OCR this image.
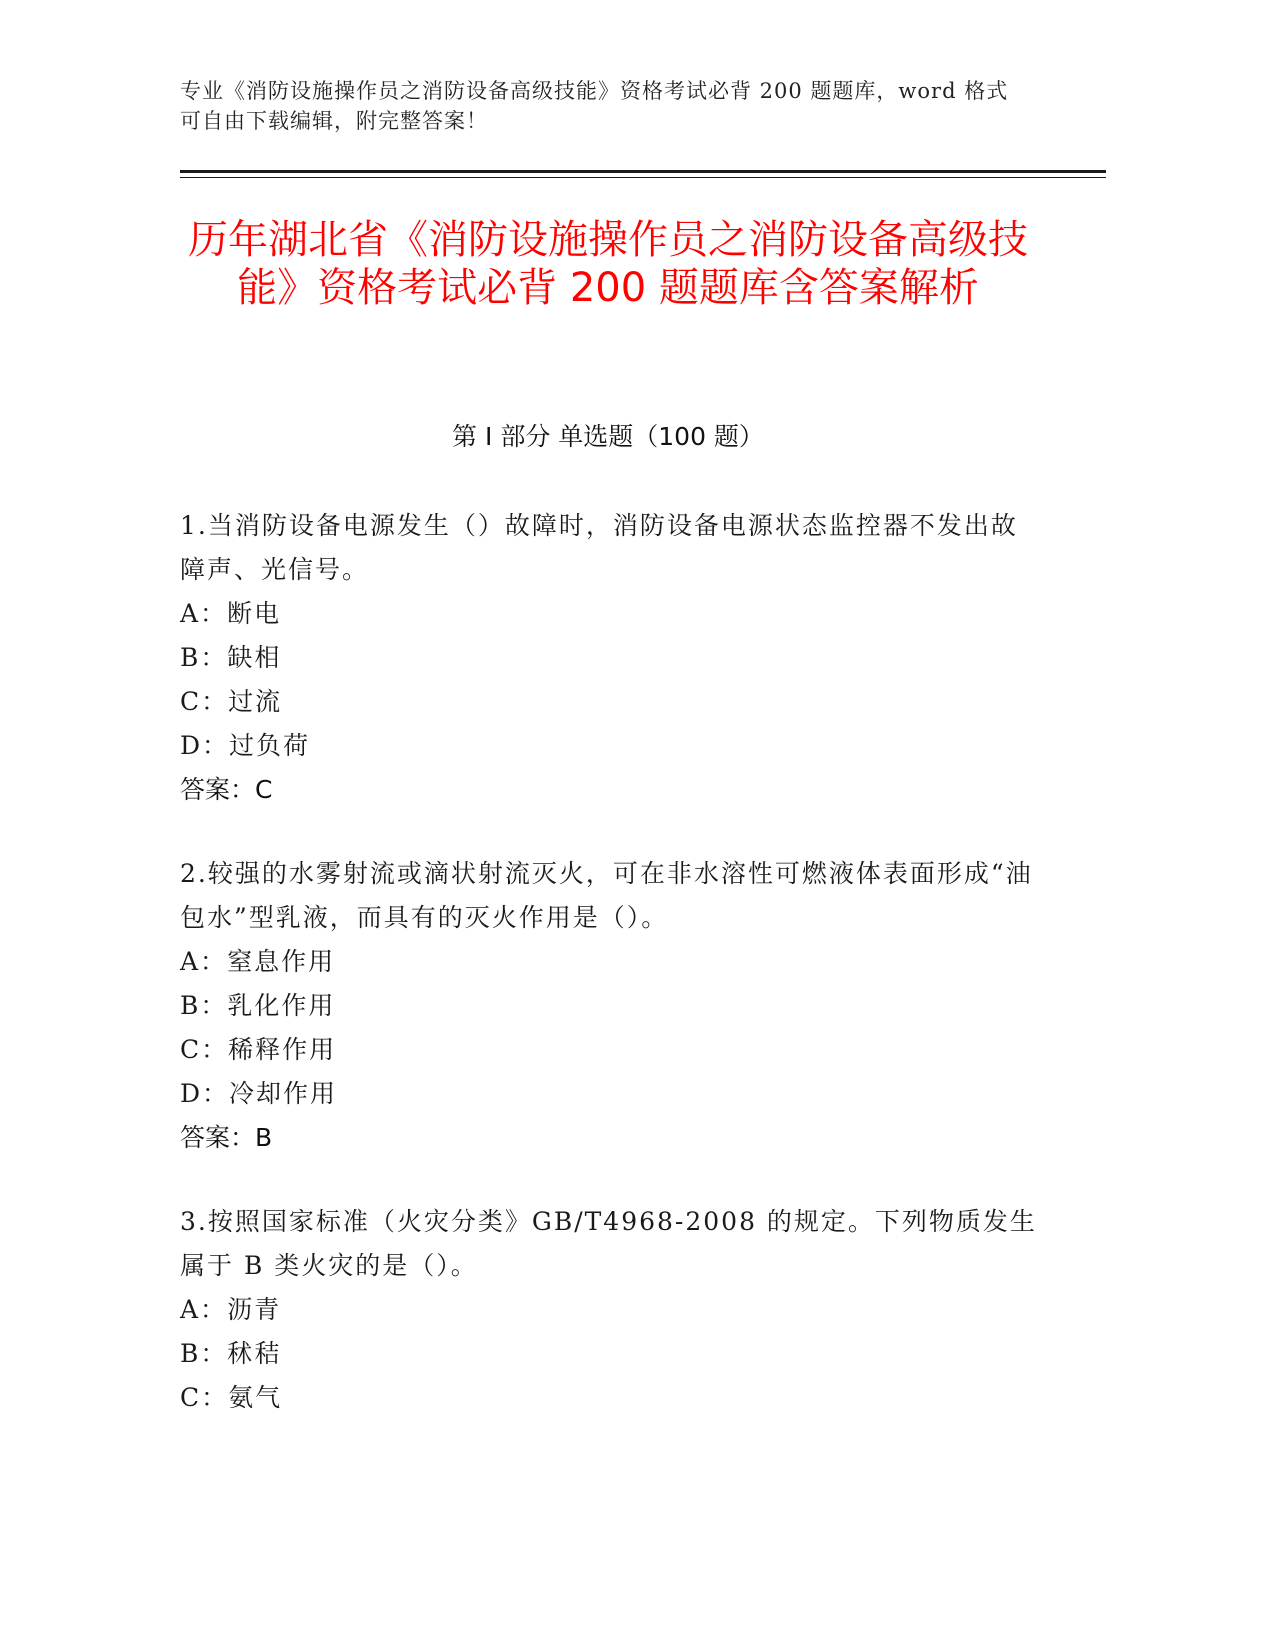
专业《消防设施操作员之消防设备高级技能》资格考试必背 200 题题库，word 格式可自由下载编辑，附完整答案！
历年湖北省《消防设施操作员之消防设备高级技能》资格考试必背 200 题题库含答案解析
第 I 部分 单选题（100 题）
1.当消防设备电源发生（）故障时，消防设备电源状态监控器不发出故障声、光信号。
A：断电
B：缺相
C：过流
D：过负荷
答案：C
2.较强的水雾射流或滴状射流灭火，可在非水溶性可燃液体表面形成“油包水”型乳液，而具有的灭火作用是（）。
A：窒息作用
B：乳化作用
C：稀释作用
D：冷却作用
答案：B
3.按照国家标准（火灾分类》GB/T4968-2008 的规定。下列物质发生属于 B 类火灾的是（）。
A：沥青
B：秫秸
C：氨气
